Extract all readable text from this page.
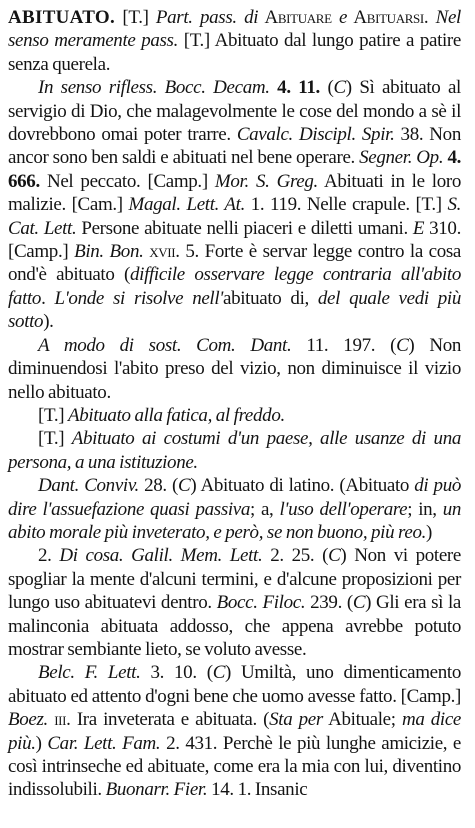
ABITUATO. [T.] Part. pass. di Abituare e Abituarsi. Nel senso meramente pass. [T.] Abituato dal lungo patire a patire senza querela.

In senso rifless. Bocc. Decam. 4. 11. (C) Sì abituato al servigio di Dio, che malagevolmente le cose del mondo a sè il dovrebbono omai poter trarre. Cavalc. Discipl. Spir. 38. Non ancor sono ben saldi e abituati nel bene operare. Segner. Op. 4. 666. Nel peccato. [Camp.] Mor. S. Greg. Abituati in le loro malizie. [Cam.] Magal. Lett. At. 1. 119. Nelle crapule. [T.] S. Cat. Lett. Persone abituate nelli piaceri e diletti umani. E 310. [Camp.] Bin. Bon. xvii. 5. Forte è servar legge contro la cosa ond'è abituato (difficile osservare legge contraria all'abito fatto. L'onde si risolve nell'abituato di, del quale vedi più sotto).

A modo di sost. Com. Dant. 11. 197. (C) Non diminuendosi l'abito preso del vizio, non diminuisce il vizio nello abituato.

[T.] Abituato alla fatica, al freddo.

[T.] Abituato ai costumi d'un paese, alle usanze di una persona, a una istituzione.

Dant. Conviv. 28. (C) Abituato di latino. (Abituato di può dire l'assuefazione quasi passiva; a, l'uso dell'operare; in, un abito morale più inveterato, e però, se non buono, più reo.)

2. Di cosa. Galil. Mem. Lett. 2. 25. (C) Non vi potere spogliar la mente d'alcuni termini, e d'alcune proposizioni per lungo uso abituatevi dentro. Bocc. Filoc. 239. (C) Gli era sì la malinconia abituata addosso, che appena avrebbe potuto mostrar sembiante lieto, se voluto avesse.

Belc. F. Lett. 3. 10. (C) Umiltà, uno dimenticamento abituato ed attento d'ogni bene che uomo avesse fatto. [Camp.] Boez. iii. Ira inveterata e abituata. (Sta per Abituale; ma dice più.) Car. Lett. Fam. 2. 431. Perchè le più lunghe amicizie, e così intrinseche ed abituate, come era la mia con lui, diventino indissolubili. Buonarr. Fier. 14. 1. Insanic
